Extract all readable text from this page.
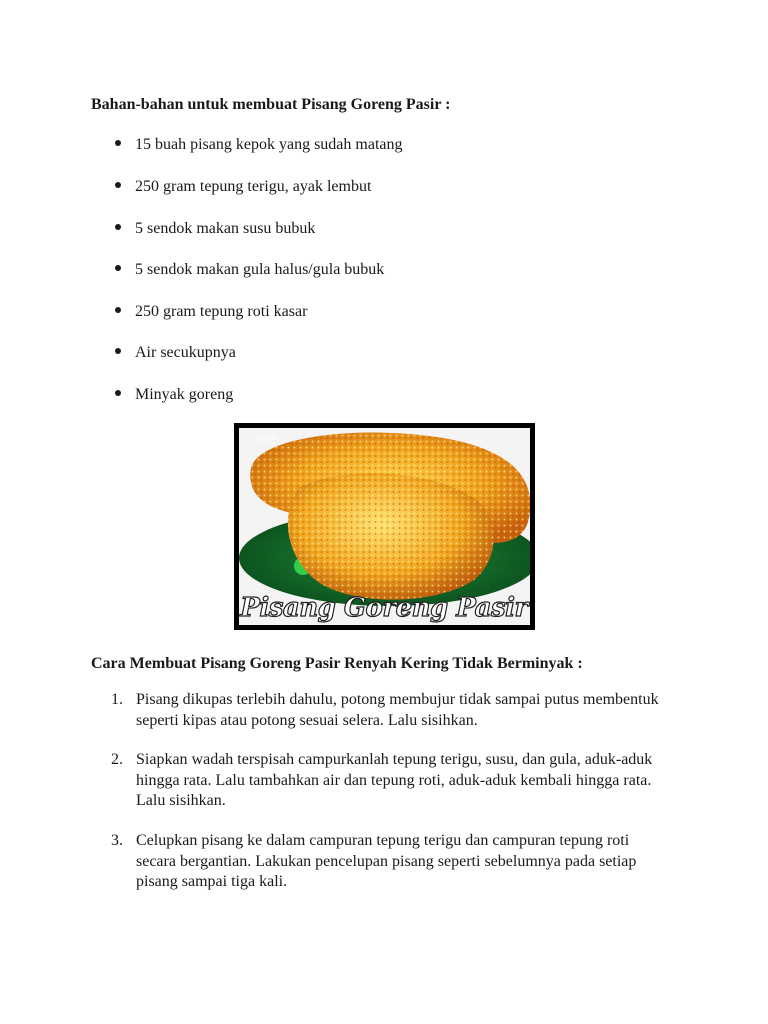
Bahan-bahan untuk membuat Pisang Goreng Pasir :
15 buah pisang kepok yang sudah matang
250 gram tepung terigu, ayak lembut
5 sendok makan susu bubuk
5 sendok makan gula halus/gula bubuk
250 gram tepung roti kasar
Air secukupnya
Minyak goreng
me
Pisang Goreng Pasir
Cara Membuat Pisang Goreng Pasir Renyah Kering Tidak Berminyak :
1. Pisang dikupas terlebih dahulu, potong membujur tidak sampai putus membentuk seperti kipas atau potong sesuai selera. Lalu sisihkan.
2. Siapkan wadah terspisah campurkanlah tepung terigu, susu, dan gula, aduk-aduk hingga rata. Lalu tambahkan air dan tepung roti, aduk-aduk kembali hingga rata. Lalu sisihkan.
3. Celupkan pisang ke dalam campuran tepung terigu dan campuran tepung roti secara bergantian. Lakukan pencelupan pisang seperti sebelumnya pada setiap pisang sampai tiga kali.
